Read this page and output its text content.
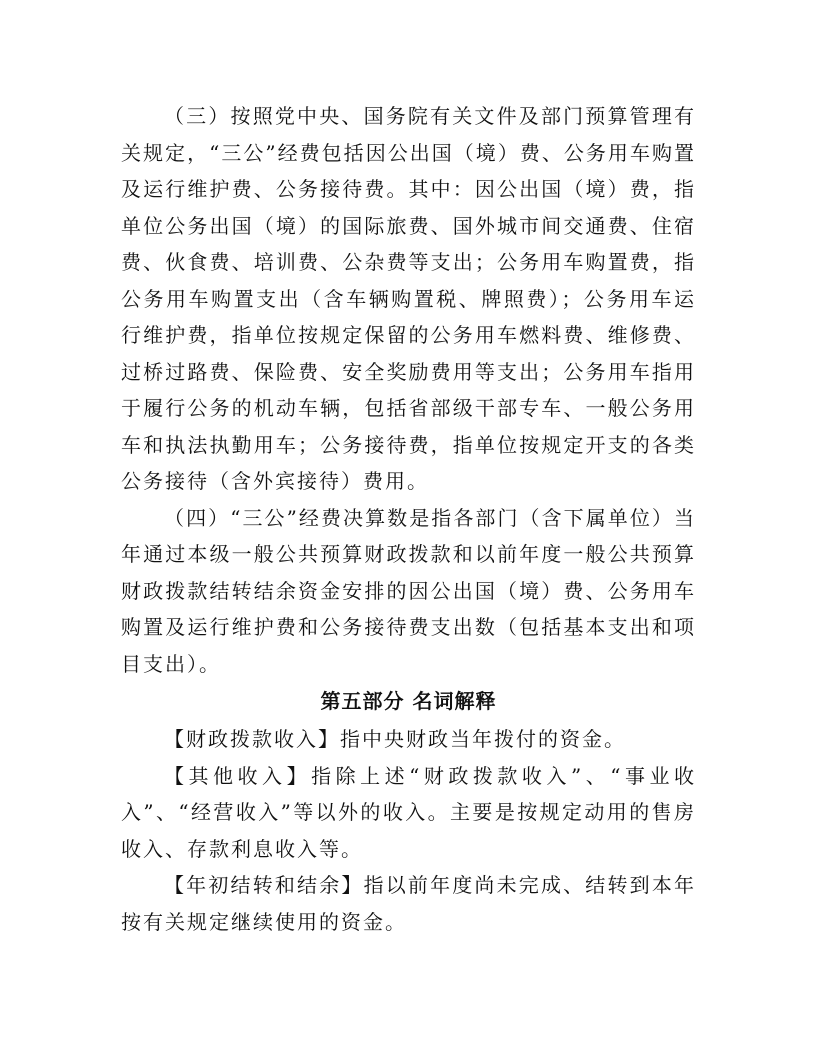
（三）按照党中央、国务院有关文件及部门预算管理有关规定，“三公”经费包括因公出国（境）费、公务用车购置及运行维护费、公务接待费。其中：因公出国（境）费，指单位公务出国（境）的国际旅费、国外城市间交通费、住宿费、伙食费、培训费、公杂费等支出；公务用车购置费，指公务用车购置支出（含车辆购置税、牌照费）；公务用车运行维护费，指单位按规定保留的公务用车燃料费、维修费、过桥过路费、保险费、安全奖励费用等支出；公务用车指用于履行公务的机动车辆，包括省部级干部专车、一般公务用车和执法执勤用车；公务接待费，指单位按规定开支的各类公务接待（含外宾接待）费用。

（四）“三公”经费决算数是指各部门（含下属单位）当年通过本级一般公共预算财政拨款和以前年度一般公共预算财政拨款结转结余资金安排的因公出国（境）费、公务用车购置及运行维护费和公务接待费支出数（包括基本支出和项目支出）。

第五部分 名词解释

【财政拨款收入】指中央财政当年拨付的资金。

【其他收入】指除上述“财政拨款收入”、“事业收入”、“经营收入”等以外的收入。主要是按规定动用的售房收入、存款利息收入等。

【年初结转和结余】指以前年度尚未完成、结转到本年按有关规定继续使用的资金。
